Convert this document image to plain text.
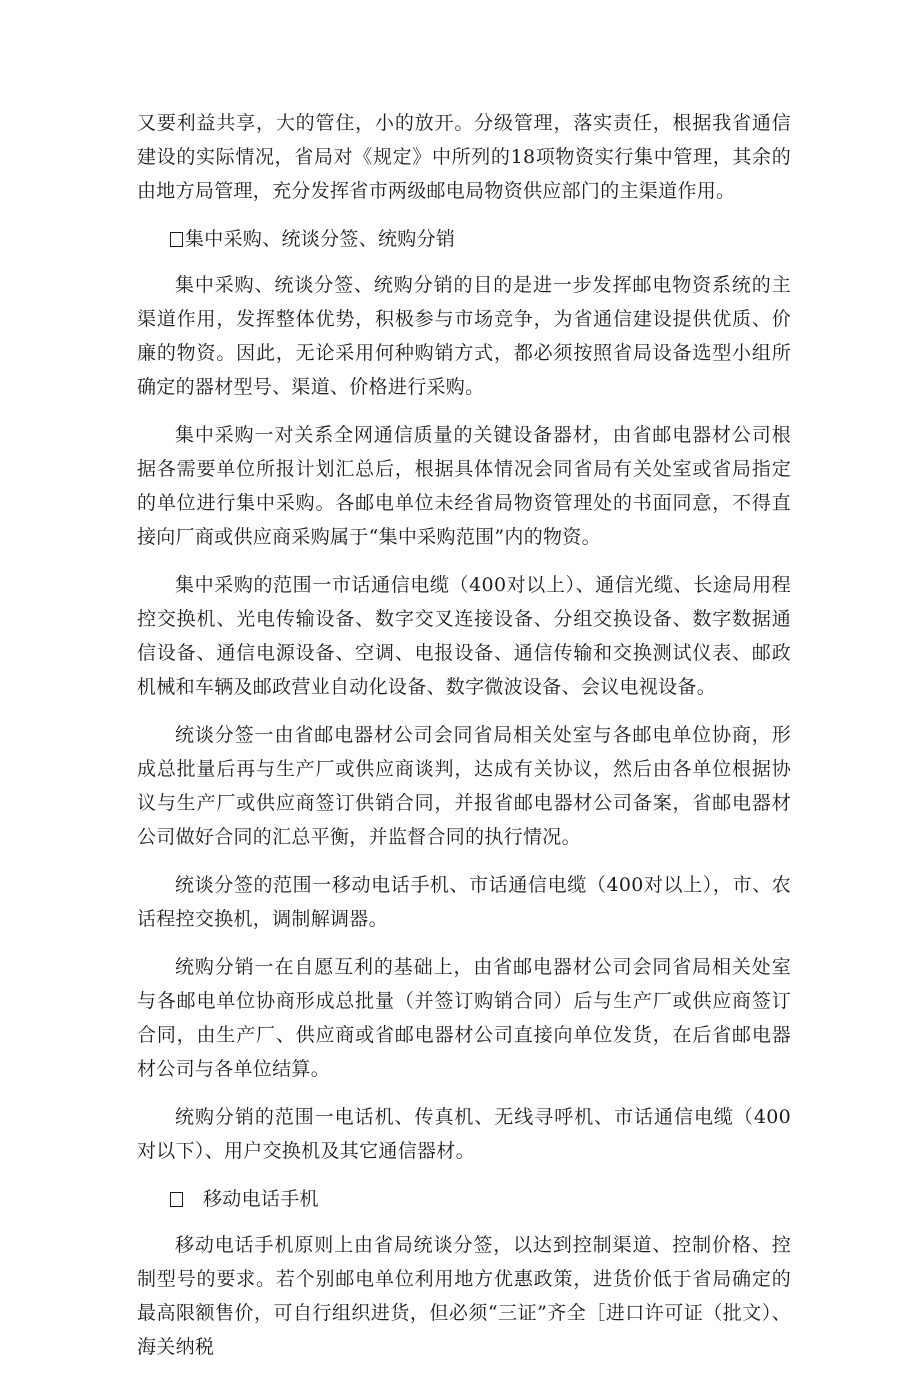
又要利益共享，大的管住，小的放开。分级管理，落实责任，根据我省通信建设的实际情况，省局对《规定》中所列的18项物资实行集中管理，其余的由地方局管理，充分发挥省市两级邮电局物资供应部门的主渠道作用。

集中采购、统谈分签、统购分销

集中采购、统谈分签、统购分销的目的是进一步发挥邮电物资系统的主渠道作用，发挥整体优势，积极参与市场竞争，为省通信建设提供优质、价廉的物资。因此，无论采用何种购销方式，都必须按照省局设备选型小组所确定的器材型号、渠道、价格进行采购。

集中采购一对关系全网通信质量的关键设备器材，由省邮电器材公司根据各需要单位所报计划汇总后，根据具体情况会同省局有关处室或省局指定的单位进行集中采购。各邮电单位未经省局物资管理处的书面同意，不得直接向厂商或供应商采购属于“集中采购范围”内的物资。

集中采购的范围一市话通信电缆（400对以上）、通信光缆、长途局用程控交换机、光电传输设备、数字交叉连接设备、分组交换设备、数字数据通信设备、通信电源设备、空调、电报设备、通信传输和交换测试仪表、邮政机械和车辆及邮政营业自动化设备、数字微波设备、会议电视设备。

统谈分签一由省邮电器材公司会同省局相关处室与各邮电单位协商，形成总批量后再与生产厂或供应商谈判，达成有关协议，然后由各单位根据协议与生产厂或供应商签订供销合同，并报省邮电器材公司备案，省邮电器材公司做好合同的汇总平衡，并监督合同的执行情况。

统谈分签的范围一移动电话手机、市话通信电缆（400对以上），市、农话程控交换机，调制解调器。

统购分销一在自愿互利的基础上，由省邮电器材公司会同省局相关处室与各邮电单位协商形成总批量（并签订购销合同）后与生产厂或供应商签订合同，由生产厂、供应商或省邮电器材公司直接向单位发货，在后省邮电器材公司与各单位结算。

统购分销的范围一电话机、传真机、无线寻呼机、市话通信电缆（400对以下）、用户交换机及其它通信器材。

移动电话手机

移动电话手机原则上由省局统谈分签，以达到控制渠道、控制价格、控制型号的要求。若个别邮电单位利用地方优惠政策，进货价低于省局确定的最高限额售价，可自行组织进货，但必须“三证”齐全［进口许可证（批文）、海关纳税
